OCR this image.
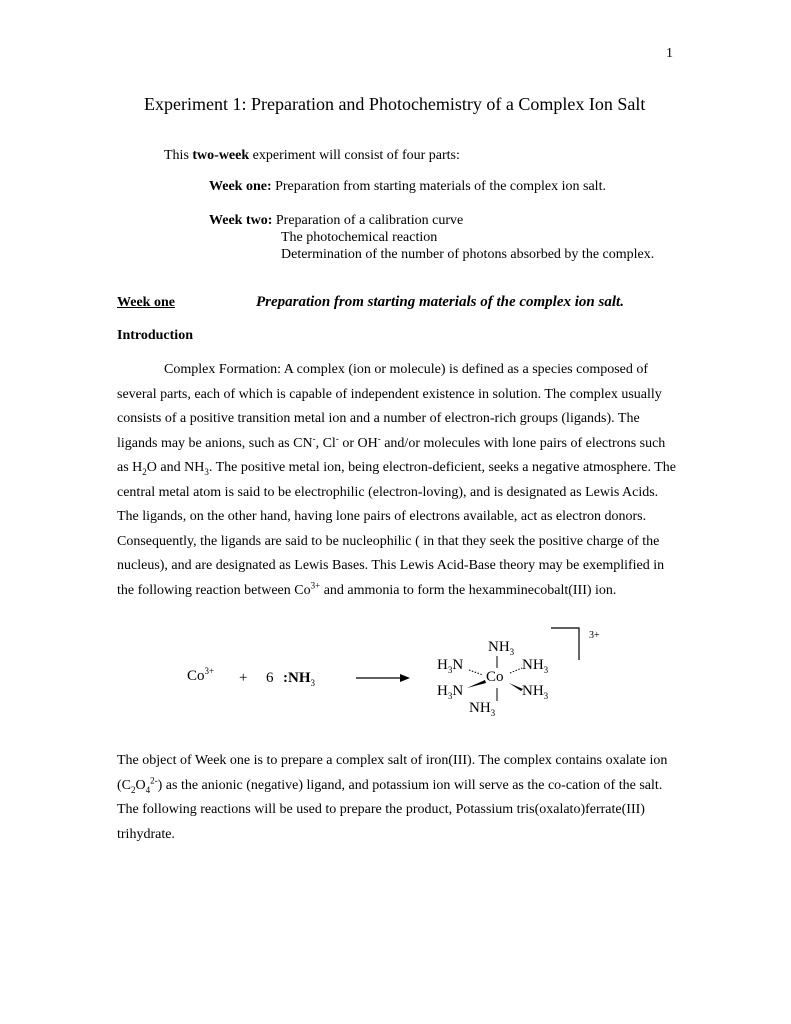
1
Experiment 1: Preparation and Photochemistry of a Complex Ion Salt
This two-week experiment will consist of four parts:
Week one: Preparation from starting materials of the complex ion salt.
Week two: Preparation of a calibration curve
The photochemical reaction
Determination of the number of photons absorbed by the complex.
Week one	Preparation from starting materials of the complex ion salt.
Introduction
Complex Formation: A complex (ion or molecule) is defined as a species composed of several parts, each of which is capable of independent existence in solution. The complex usually consists of a positive transition metal ion and a number of electron-rich groups (ligands). The ligands may be anions, such as CN-, Cl- or OH- and/or molecules with lone pairs of electrons such as $H_2O$ and $NH_3$. The positive metal ion, being electron-deficient, seeks a negative atmosphere. The central metal atom is said to be electrophilic (electron-loving), and is designated as Lewis Acids. The ligands, on the other hand, having lone pairs of electrons available, act as electron donors. Consequently, the ligands are said to be nucleophilic ( in that they seek the positive charge of the nucleus), and are designated as Lewis Bases. This Lewis Acid-Base theory may be exemplified in the following reaction between $Co^{3+}$ and ammonia to form the hexamminecobalt(III) ion.
$Co^{3+} + 6$ $:NH_3$
$NH_3$
$H_3N$	$NH_3$
Co
$H_3N$	$NH_3$
$NH_3$
3+
The object of Week one is to prepare a complex salt of iron(III). The complex contains oxalate ion $(C_2O_4^{2-})$ as the anionic (negative) ligand, and potassium ion will serve as the co-cation of the salt. The following reactions will be used to prepare the product, Potassium tris(oxalato)ferrate(III) trihydrate.
